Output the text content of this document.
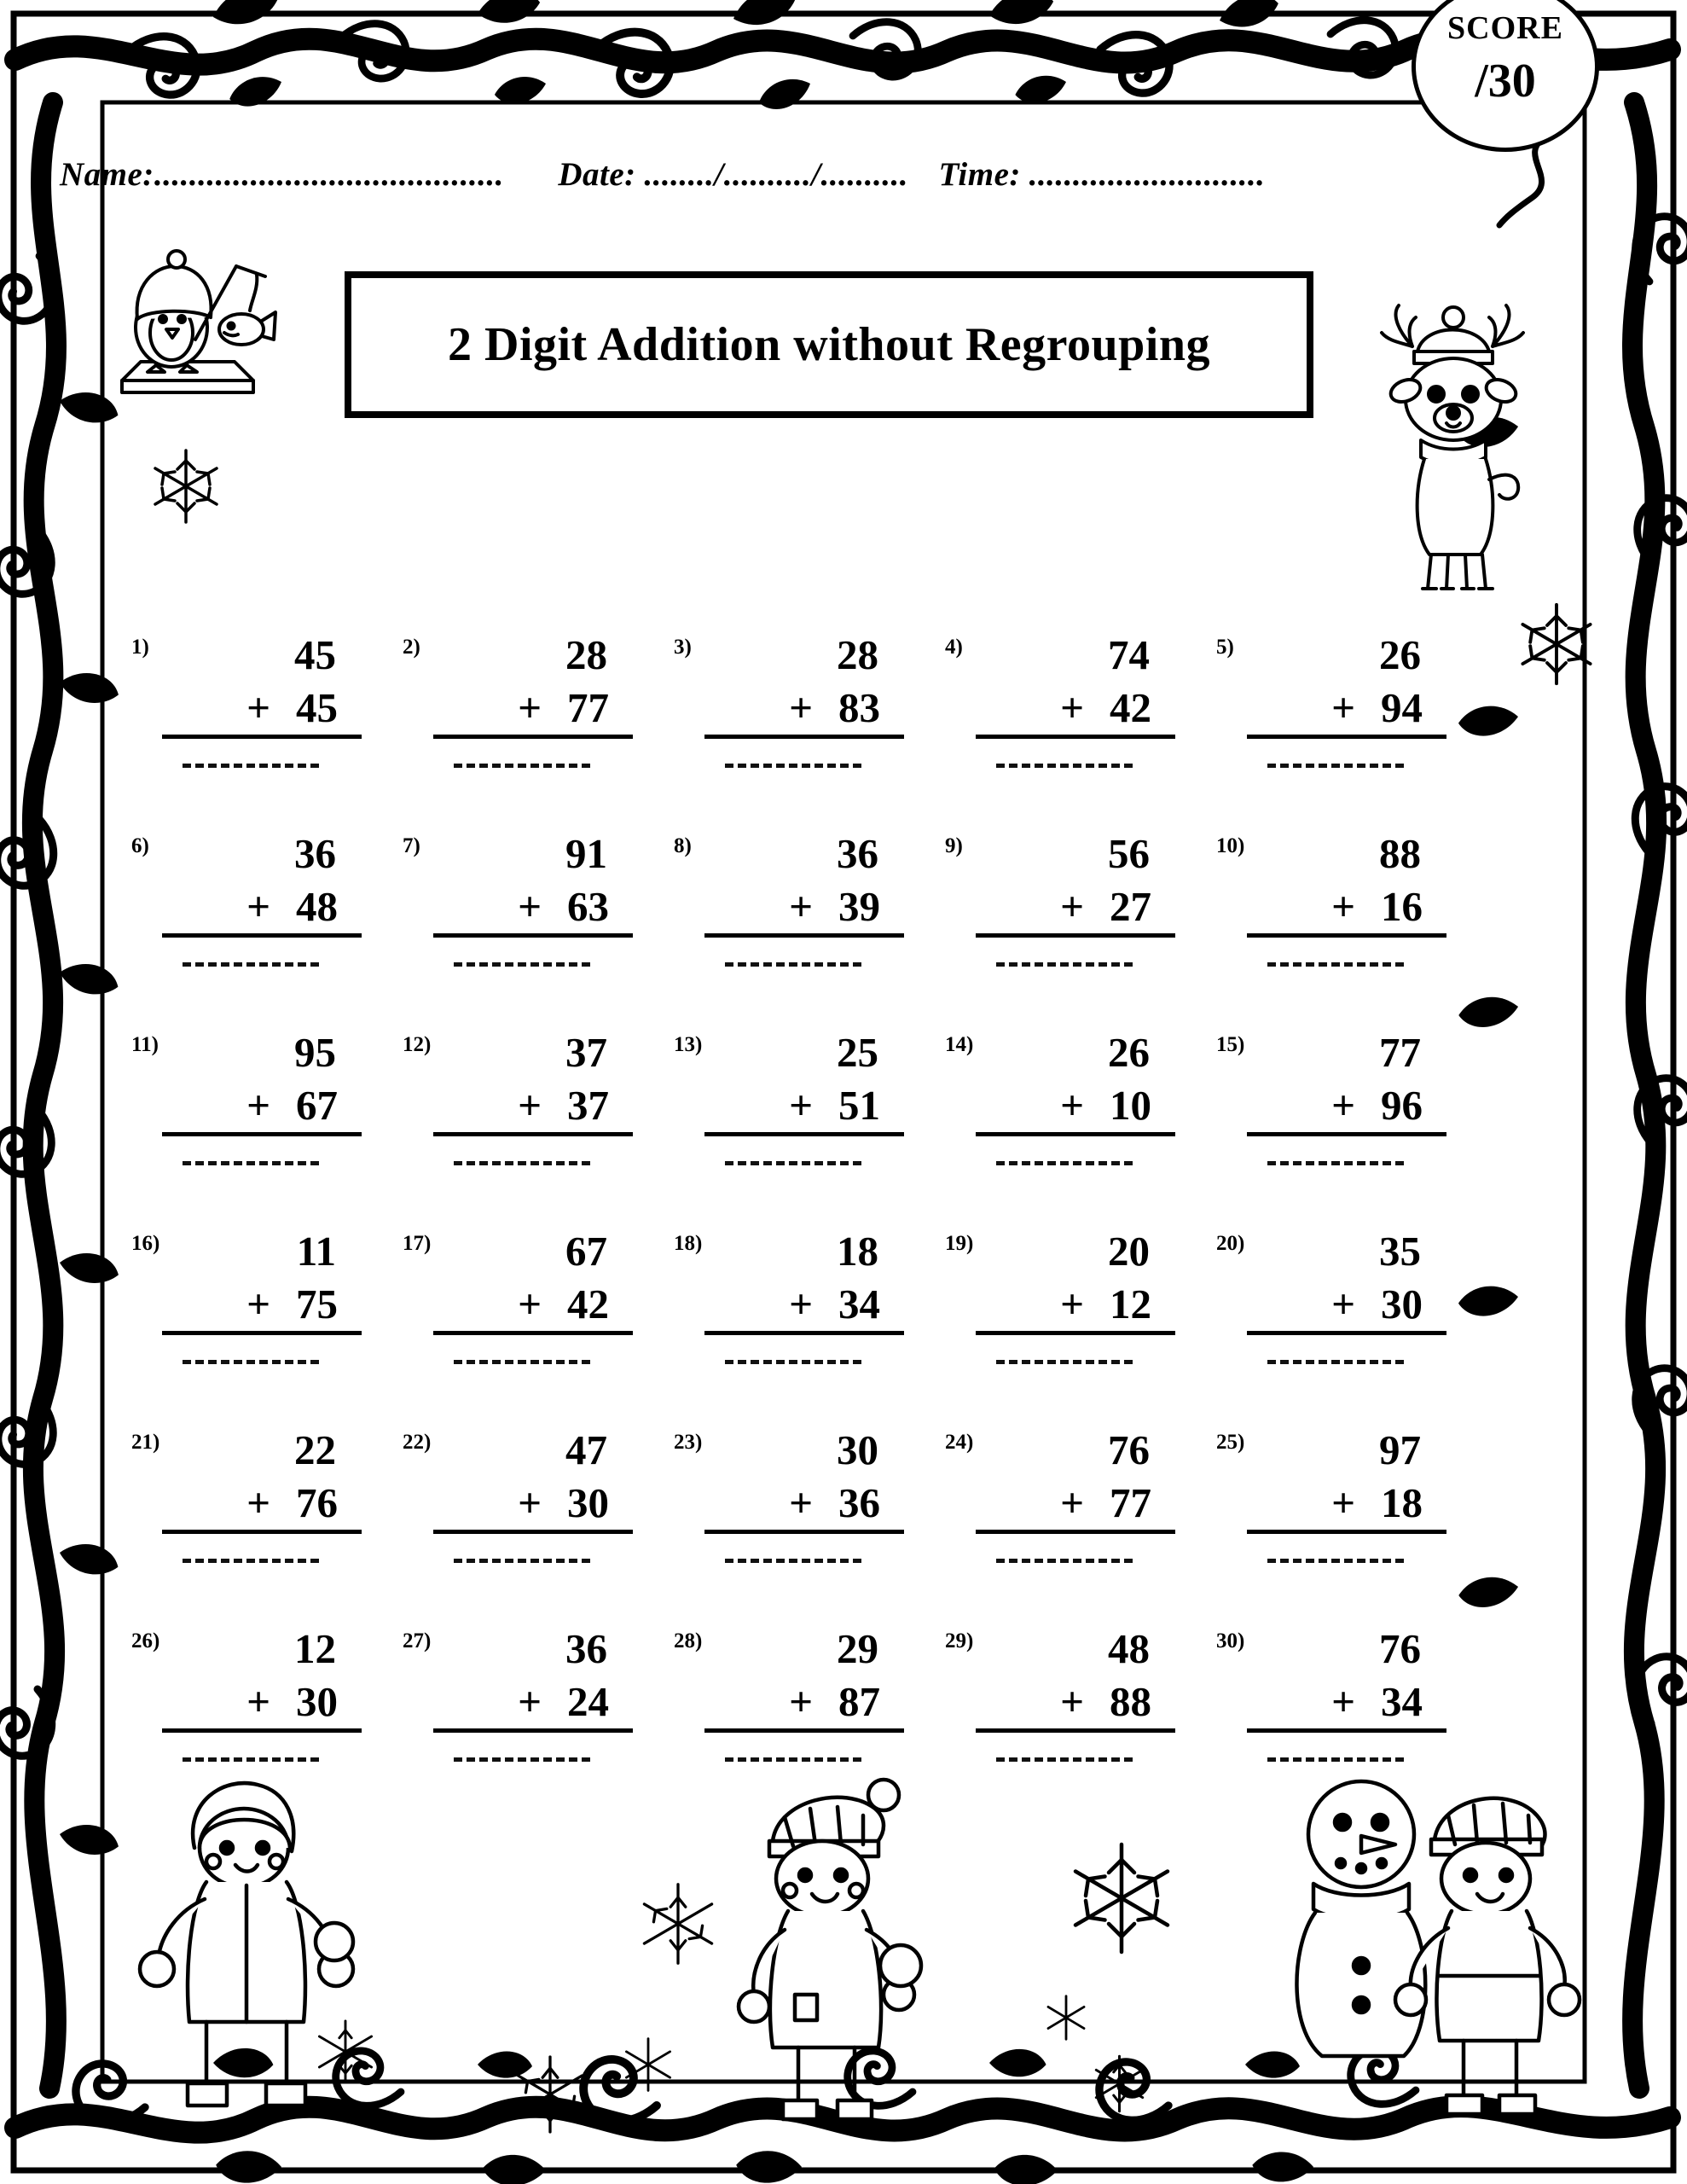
SCORE
/30
Name:........................................ Date: ......../........../.......... Time: ...........................
2 Digit Addition without Regrouping
1)	45
+ 45
2)	28
+ 77
3)	28
+ 83
4)	74
+ 42
5)	26
+ 94
6)	36
+ 48
7)	91
+ 63
8)	36
+ 39
9)	56
+ 27
10)	88
+ 16
11)	95
+ 67
12)	37
+ 37
13)	25
+ 51
14)	26
+ 10
15)	77
+ 96
16)	11
+ 75
17)	67
+ 42
18)	18
+ 34
19)	20
+ 12
20)	35
+ 30
21)	22
+ 76
22)	47
+ 30
23)	30
+ 36
24)	76
+ 77
25)	97
+ 18
26)	12
+ 30
27)	36
+ 24
28)	29
+ 87
29)	48
+ 88
30)	76
+ 34
